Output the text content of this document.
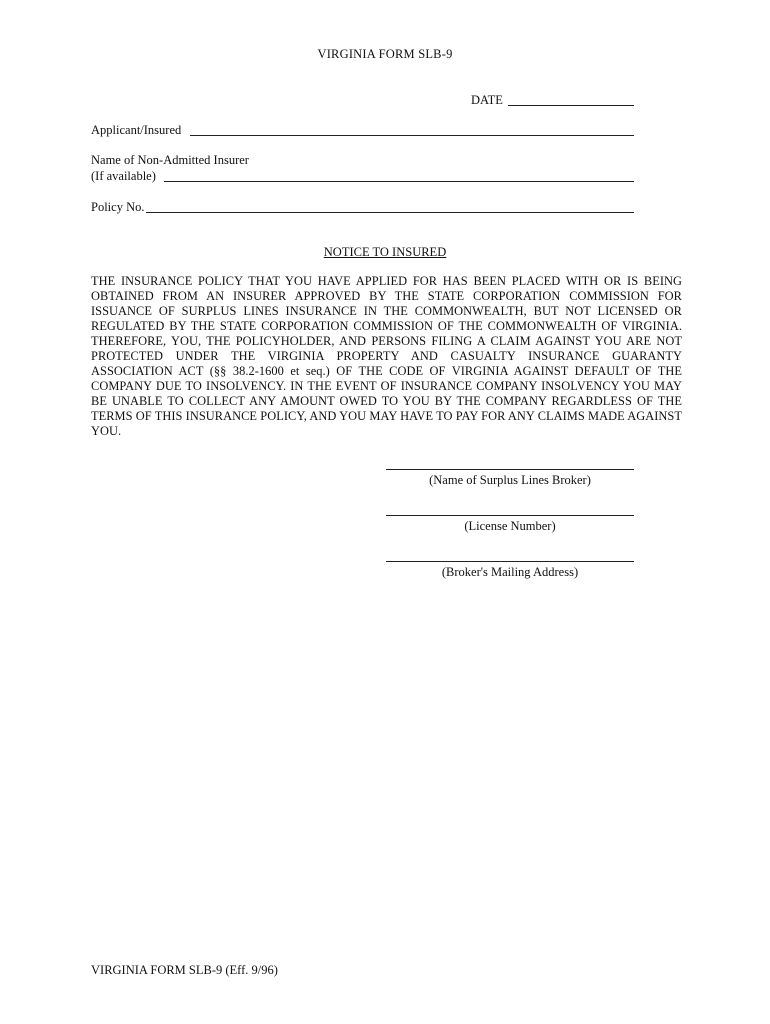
VIRGINIA FORM SLB-9
DATE
Applicant/Insured
Name of Non-Admitted Insurer
(If available)
Policy No.
NOTICE TO INSURED
THE INSURANCE POLICY THAT YOU HAVE APPLIED FOR HAS BEEN PLACED WITH OR IS BEING OBTAINED FROM AN INSURER APPROVED BY THE STATE CORPORATION COMMISSION FOR ISSUANCE OF SURPLUS LINES INSURANCE IN THE COMMONWEALTH, BUT NOT LICENSED OR REGULATED BY THE STATE CORPORATION COMMISSION OF THE COMMONWEALTH OF VIRGINIA. THEREFORE, YOU, THE POLICYHOLDER, AND PERSONS FILING A CLAIM AGAINST YOU ARE NOT PROTECTED UNDER THE VIRGINIA PROPERTY AND CASUALTY INSURANCE GUARANTY ASSOCIATION ACT (§§ 38.2-1600 et seq.) OF THE CODE OF VIRGINIA AGAINST DEFAULT OF THE COMPANY DUE TO INSOLVENCY. IN THE EVENT OF INSURANCE COMPANY INSOLVENCY YOU MAY BE UNABLE TO COLLECT ANY AMOUNT OWED TO YOU BY THE COMPANY REGARDLESS OF THE TERMS OF THIS INSURANCE POLICY, AND YOU MAY HAVE TO PAY FOR ANY CLAIMS MADE AGAINST YOU.
(Name of Surplus Lines Broker)
(License Number)
(Broker's Mailing Address)
VIRGINIA FORM SLB-9 (Eff. 9/96)
